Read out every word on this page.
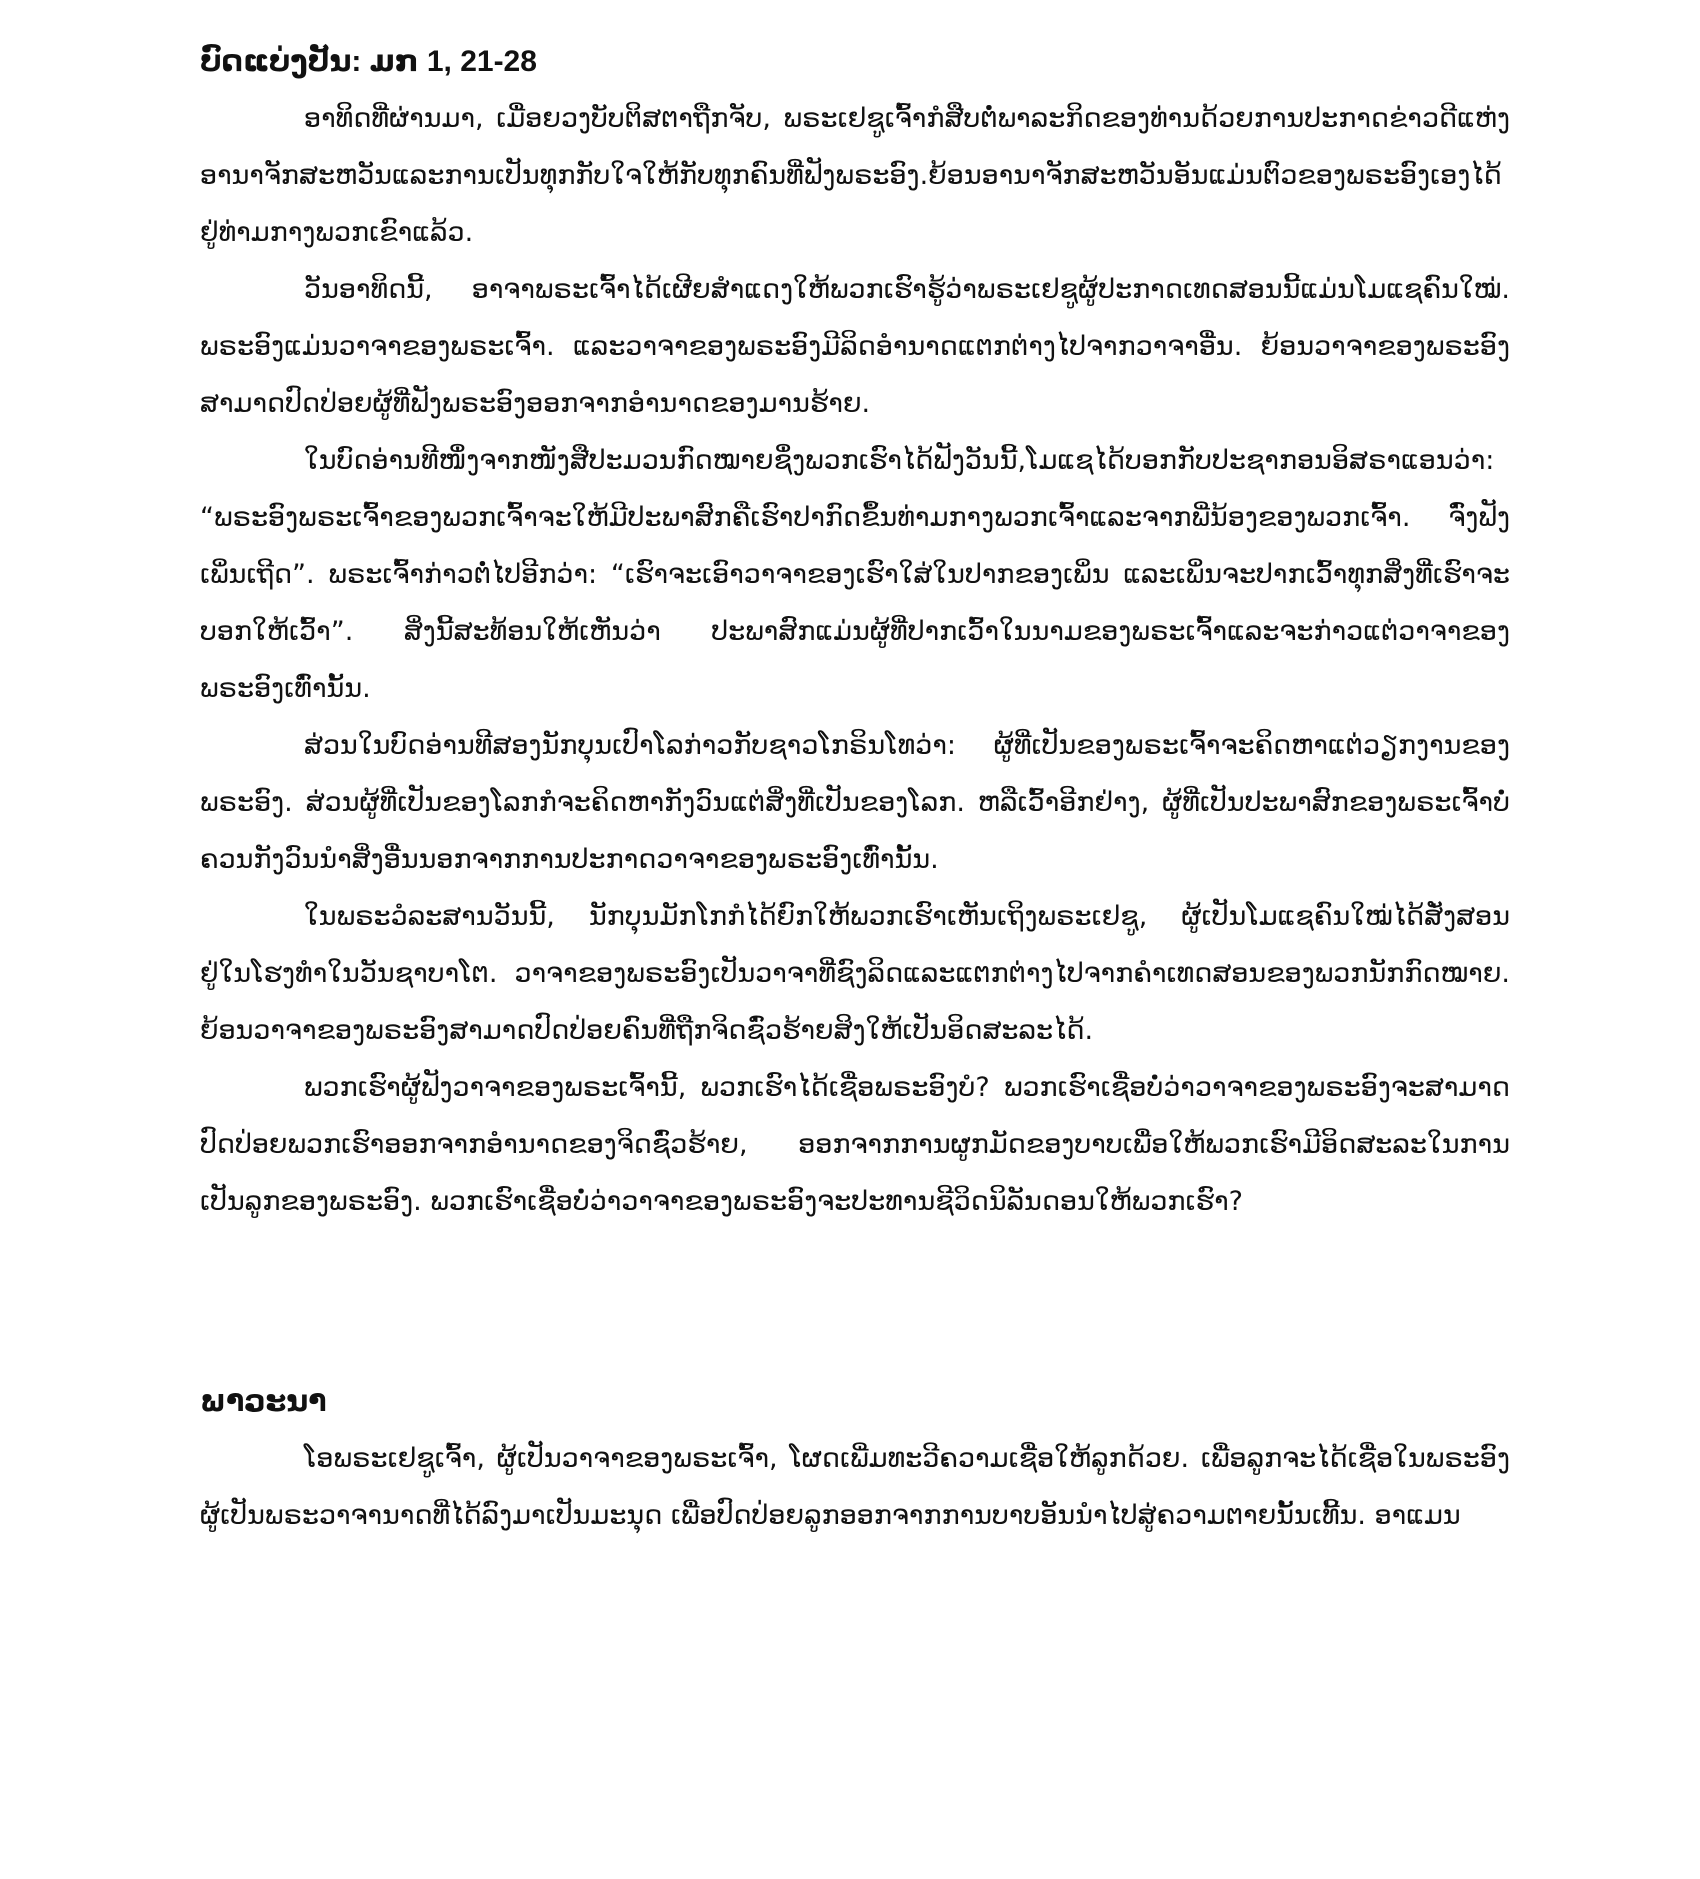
ບົດແບ່ງປັນ: ມກ 1, 21-28

ອາທິດທີ່ຜ່ານມາ, ເມື່ອຍວງບັບຕິສຕາຖືກຈັບ, ພຣະເຢຊູເຈົ້າກໍສືບຕໍ່ພາລະກິດຂອງທ່ານດ້ວຍການປະກາດຂ່າວດີແຫ່ງອານາຈັກສະຫວັນແລະການເປັນທຸກກັບໃຈໃຫ້ກັບທຸກຄົນທີ່ຟັງພຣະອົງ.ຍ້ອນອານາຈັກສະຫວັນອັນແມ່ນຕົວຂອງພຣະອົງເອງໄດ້ຢູ່ທ່າມກາງພວກເຂົາແລ້ວ.

ວັນອາທິດນີ້, ອາຈາພຣະເຈົ້າໄດ້ເຜີຍສຳແດງໃຫ້ພວກເຮົາຮູ້ວ່າພຣະເຢຊູຜູ້ປະກາດເທດສອນນີ້ແມ່ນໂມແຊຄົນໃໝ່. ພຣະອົງແມ່ນວາຈາຂອງພຣະເຈົ້າ. ແລະວາຈາຂອງພຣະອົງມີລິດອຳນາດແຕກຕ່າງໄປຈາກວາຈາອື່ນ. ຍ້ອນວາຈາຂອງພຣະອົງສາມາດປົດປ່ອຍຜູ້ທີ່ຟັງພຣະອົງອອກຈາກອຳນາດຂອງມານຮ້າຍ.

ໃນບົດອ່ານທີໜຶ່ງຈາກໜັງສືປະມວນກົດໝາຍຊຶ່ງພວກເຮົາໄດ້ຟັງວັນນີ້,ໂມແຊໄດ້ບອກກັບປະຊາກອນອິສຣາແອນວ່າ: “ພຣະອົງພຣະເຈົ້າຂອງພວກເຈົ້າຈະໃຫ້ມີປະພາສົກຄືເຮົາປາກົດຂຶ້ນທ່າມກາງພວກເຈົ້າແລະຈາກພີ່ນ້ອງຂອງພວກເຈົ້າ. ຈົ່ງຟັງເພິ່ນເຖີດ”. ພຣະເຈົ້າກ່າວຕໍ່ໄປອີກວ່າ: “ເຮົາຈະເອົາວາຈາຂອງເຮົາໃສ່ໃນປາກຂອງເພິ່ນ ແລະເພິ່ນຈະປາກເວົ້າທຸກສິ່ງທີ່ເຮົາຈະບອກໃຫ້ເວົ້າ”. ສິ່ງນີ້ສະທ້ອນໃຫ້ເຫັນວ່າ ປະພາສົກແມ່ນຜູ້ທີ່ປາກເວົ້າໃນນາມຂອງພຣະເຈົ້າແລະຈະກ່າວແຕ່ວາຈາຂອງພຣະອົງເທົ່ານັ້ນ.

ສ່ວນໃນບົດອ່ານທີສອງນັກບຸນເປົາໂລກ່າວກັບຊາວໂກຣິນໂທວ່າ: ຜູ້ທີ່ເປັນຂອງພຣະເຈົ້າຈະຄິດຫາແຕ່ວຽກງານຂອງພຣະອົງ. ສ່ວນຜູ້ທີ່ເປັນຂອງໂລກກໍຈະຄິດຫາກັງວົນແຕ່ສິ່ງທີ່ເປັນຂອງໂລກ. ຫລືເວົ້າອີກຢ່າງ, ຜູ້ທີ່ເປັນປະພາສົກຂອງພຣະເຈົ້າບໍ່ຄວນກັງວົນນຳສິ່ງອື່ນນອກຈາກການປະກາດວາຈາຂອງພຣະອົງເທົ່ານັ້ນ.

ໃນພຣະວໍລະສານວັນນີ້, ນັກບຸນມັກໂກກໍໄດ້ຍົກໃຫ້ພວກເຮົາເຫັນເຖິງພຣະເຢຊູ, ຜູ້ເປັນໂມແຊຄົນໃໝ່ໄດ້ສັ່ງສອນຢູ່ໃນໂຮງທຳໃນວັນຊາບາໂຕ. ວາຈາຂອງພຣະອົງເປັນວາຈາທີ່ຊົງລິດແລະແຕກຕ່າງໄປຈາກຄຳເທດສອນຂອງພວກນັກກົດໝາຍ. ຍ້ອນວາຈາຂອງພຣະອົງສາມາດປົດປ່ອຍຄົນທີ່ຖືກຈິດຊົ່ວຮ້າຍສິງໃຫ້ເປັນອິດສະລະໄດ້.

ພວກເຮົາຜູ້ຟັງວາຈາຂອງພຣະເຈົ້ານີ້, ພວກເຮົາໄດ້ເຊື່ອພຣະອົງບໍ? ພວກເຮົາເຊື່ອບໍ່ວ່າວາຈາຂອງພຣະອົງຈະສາມາດປົດປ່ອຍພວກເຮົາອອກຈາກອຳນາດຂອງຈິດຊົ່ວຮ້າຍ, ອອກຈາກການຜູກມັດຂອງບາບເພື່ອໃຫ້ພວກເຮົາມີອິດສະລະໃນການເປັນລູກຂອງພຣະອົງ. ພວກເຮົາເຊື່ອບໍ່ວ່າວາຈາຂອງພຣະອົງຈະປະທານຊີວິດນິລັນດອນໃຫ້ພວກເຮົາ?

ພາວະນາ

ໂອພຣະເຢຊູເຈົ້າ, ຜູ້ເປັນວາຈາຂອງພຣະເຈົ້າ, ໂຜດເພີ່ມທະວີຄວາມເຊື່ອໃຫ້ລູກດ້ວຍ. ເພື່ອລູກຈະໄດ້ເຊື່ອໃນພຣະອົງຜູ້ເປັນພຣະວາຈານາດທີ່ໄດ້ລົງມາເປັນມະນຸດ ເພື່ອປົດປ່ອຍລູກອອກຈາກການບາບອັນນຳໄປສູ່ຄວາມຕາຍນັ້ນເທີ້ນ. ອາແມນ
